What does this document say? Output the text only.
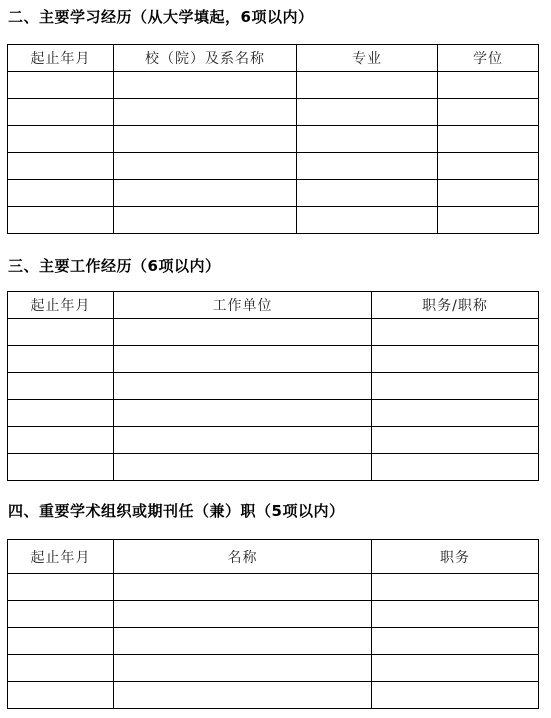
二、主要学习经历（从大学填起，6项以内）
起止年月	校（院）及系名称	专业	学位

三、主要工作经历（6项以内）
起止年月	工作单位	职务/职称

四、重要学术组织或期刊任（兼）职（5项以内）
起止年月	名称	职务
